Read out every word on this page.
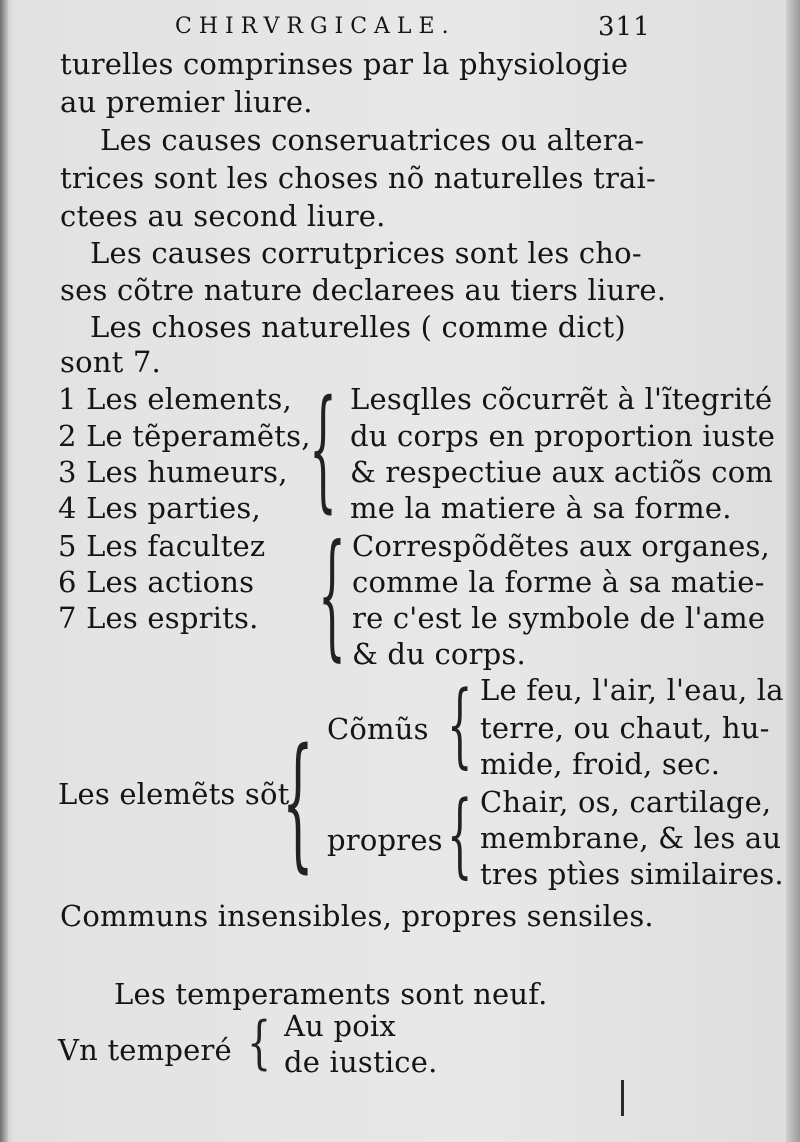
CHIRVRGICALE.	311
turelles comprinses par la physiologie
au premier liure.
Les causes conseruatrices ou altera-
trices sont les choses nõ naturelles trai-
ctees au second liure.
Les causes corrutprices sont les cho-
ses cõtre nature declarees au tiers liure.
Les choses naturelles ( comme dict)
sont 7.
1 Les elements,
2 Le tẽperamẽts,
3 Les humeurs,
4 Les parties,
5 Les facultez
6 Les actions
7 Les esprits.
{ Lesqlles cõcurrẽt à l'ĩtegrité
du corps en proportion iuste
& respectiue aux actiõs com
me la matiere à sa forme.
{ Correspõdẽtes aux organes,
comme la forme à sa matie-
re c'est le symbole de l'ame
& du corps.
Les elemẽts sõt
{ Cõmũs { Le feu, l'air, l'eau, la
terre, ou chaut, hu-
mide, froid, sec.
propres { Chair, os, cartilage,
membrane, & les au
tres ptìes similaires.
Communs insensibles, propres sensiles.
Les temperaments sont neuf.
Vn temperé { Au poix
de iustice.
